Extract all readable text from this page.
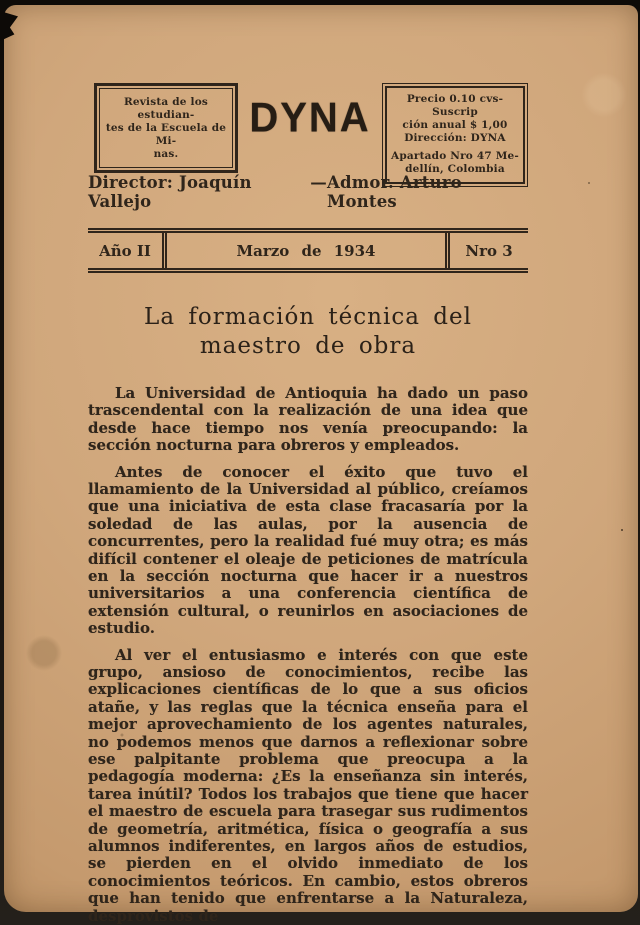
Revista de los estudian-
tes de la Escuela de Mi-
nas.
DYNA	Precio 0.10 cvs- Suscrip
ción anual $ 1,00
Dirección: DYNA
Apartado Nro 47 Me-
dellín, Colombia
Director: Joaquín Vallejo
— Admor. Arturo Montes
Año II	Marzo de 1934	Nro 3
La formación técnica del
maestro de obra

La Universidad de Antioquia ha dado un paso trascendental con la realización de una idea que desde hace tiempo nos venía preocupando: la sección nocturna para obreros y empleados.

Antes de conocer el éxito que tuvo el llamamiento de la Universidad al público, creíamos que una iniciativa de esta clase fracasaría por la soledad de las aulas, por la ausencia de concurrentes, pero la realidad fué muy otra; es más difícil contener el oleaje de peticiones de matrícula en la sección nocturna que hacer ir a nuestros universitarios a una conferencia científica de extensión cultural, o reunirlos en asociaciones de estudio.

Al ver el entusiasmo e interés con que este grupo, ansioso de conocimientos, recibe las explicaciones científicas de lo que a sus oficios atañe, y las reglas que la técnica enseña para el mejor aprovechamiento de los agentes naturales, no podemos menos que darnos a reflexionar sobre ese palpitante problema que preocupa a la pedagogía moderna: ¿Es la enseñanza sin interés, tarea inútil? Todos los trabajos que tiene que hacer el maestro de escuela para trasegar sus rudimentos de geometría, aritmética, física o geografía a sus alumnos indiferentes, en largos años de estudios, se pierden en el olvido inmediato de los conocimientos teóricos. En cambio, estos obreros que han tenido que enfrentarse a la Naturaleza, desprovistos de
